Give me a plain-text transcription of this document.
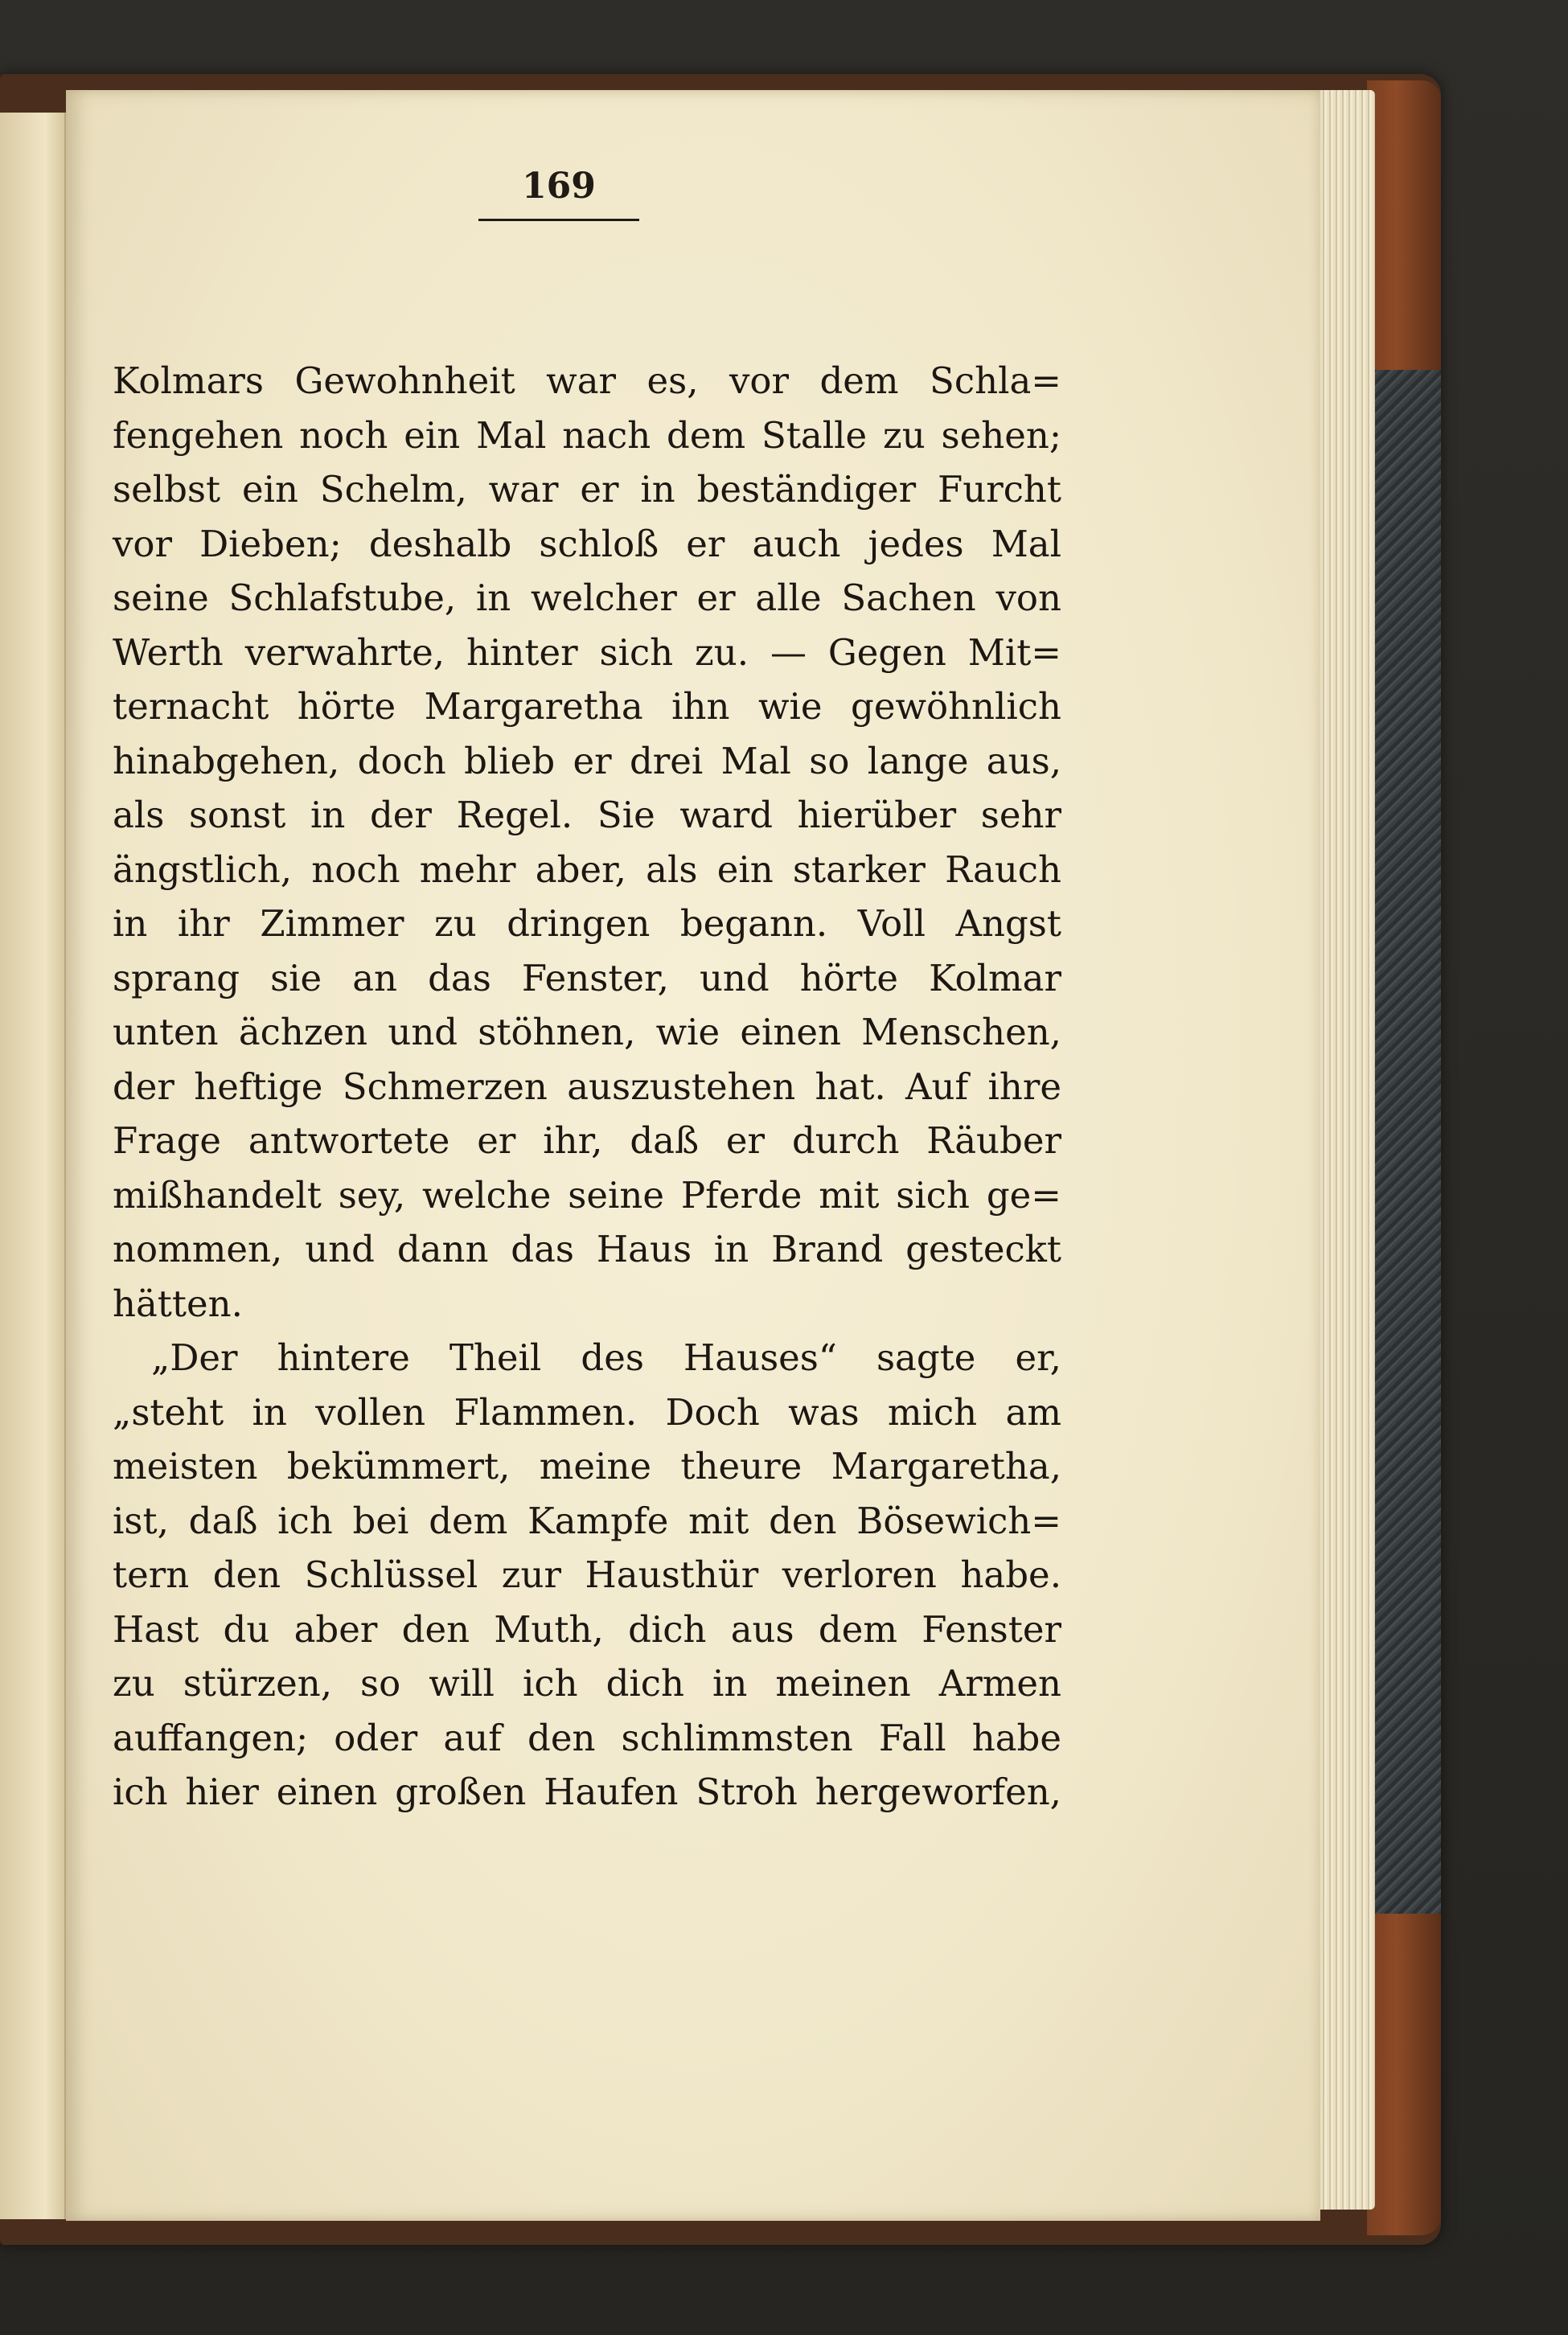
169
Kolmars Gewohnheit war es, vor dem Schla=
fengehen noch ein Mal nach dem Stalle zu sehen;
selbst ein Schelm, war er in beständiger Furcht
vor Dieben; deshalb schloß er auch jedes Mal
seine Schlafstube, in welcher er alle Sachen von
Werth verwahrte, hinter sich zu. — Gegen Mit=
ternacht hörte Margaretha ihn wie gewöhnlich
hinabgehen, doch blieb er drei Mal so lange aus,
als sonst in der Regel. Sie ward hierüber sehr
ängstlich, noch mehr aber, als ein starker Rauch
in ihr Zimmer zu dringen begann. Voll Angst
sprang sie an das Fenster, und hörte Kolmar
unten ächzen und stöhnen, wie einen Menschen,
der heftige Schmerzen auszustehen hat. Auf ihre
Frage antwortete er ihr, daß er durch Räuber
mißhandelt sey, welche seine Pferde mit sich ge=
nommen, und dann das Haus in Brand gesteckt
hätten.
„Der hintere Theil des Hauses“ sagte er,
„steht in vollen Flammen. Doch was mich am
meisten bekümmert, meine theure Margaretha,
ist, daß ich bei dem Kampfe mit den Bösewich=
tern den Schlüssel zur Hausthür verloren habe.
Hast du aber den Muth, dich aus dem Fenster
zu stürzen, so will ich dich in meinen Armen
auffangen; oder auf den schlimmsten Fall habe
ich hier einen großen Haufen Stroh hergeworfen,
